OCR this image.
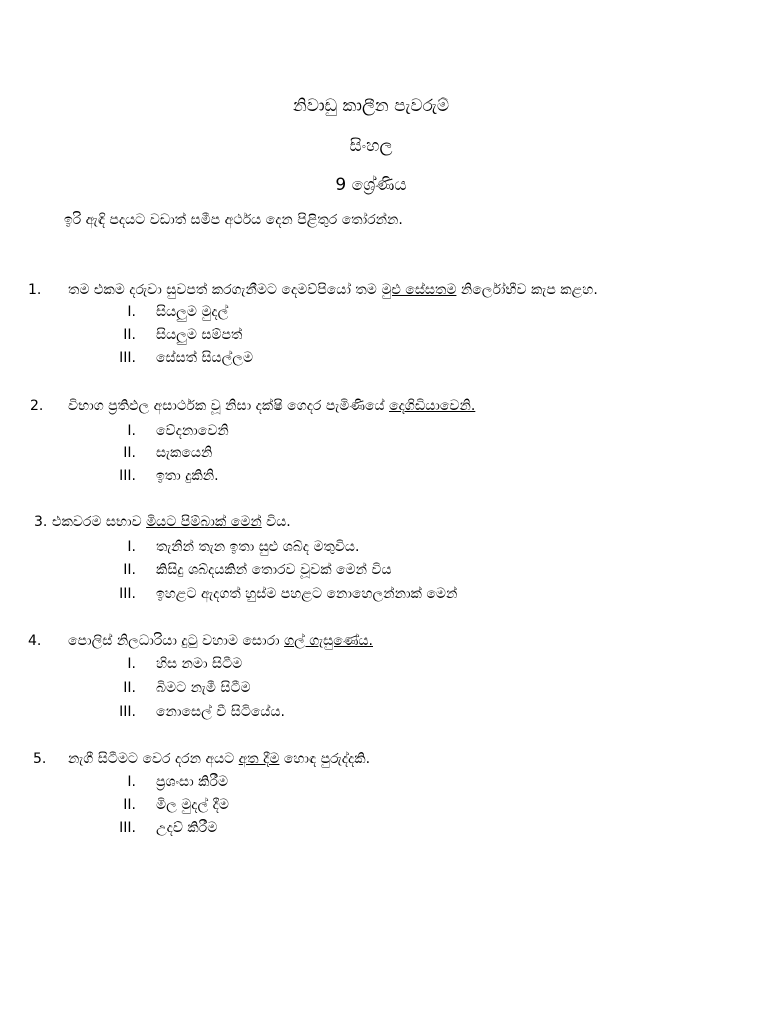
නිවාඩු කාලීන පැවරුම්
සිංහල
9 ශ්‍රේණිය
ඉරි ඇඳි පදයට වඩාත් සමීප අර්ථය දෙන පිළිතුර තෝරන්න.
1. තම එකම දරුවා සුවපත් කරගැනීමට දෙමව්පියෝ තම මුළු සේසතම නිර්ලෝභීව කැප කළහ.
I. සියලුම මුදල්
II. සියලුම සම්පත්
III. සේසත් සියල්ලම
2. විභාග ප්‍රතිඵල අසාර්ථක වූ නිසා දක්ෂි ගෙදර පැමිණියේ දෙගිඩියාවෙනි.
I. වේදනාවෙනි
II. සැකයෙනි
III. ඉතා දුකිනි.
3. එකවරම සභාව මියට පිම්බාක් මෙන් විය.
I. තැනින් තැන ඉතා සුළු ශබ්ද මතුවිය.
II. කිසිදු ශබ්දයකින් තොරව වූවක් මෙන් විය
III. ඉහළට ඇදගත් හුස්ම පහළට නොහෙලන්නාක් මෙන්
4. පොලිස් නිලධාරියා දුටු වහාම සොරා ගල් ගැසුණේය.
I. හිස නමා සිටීම
II. බිමට නැමී සිටීම
III. නොසෙල් වී සිටියේය.
5. නැගී සිටීමට වෙර දරන අයට අත දීම හොඳ පුරුද්දකි.
I. ප්‍රශංසා කිරීම
II. මිල මුදල් දීම
III. උදව් කිරීම
